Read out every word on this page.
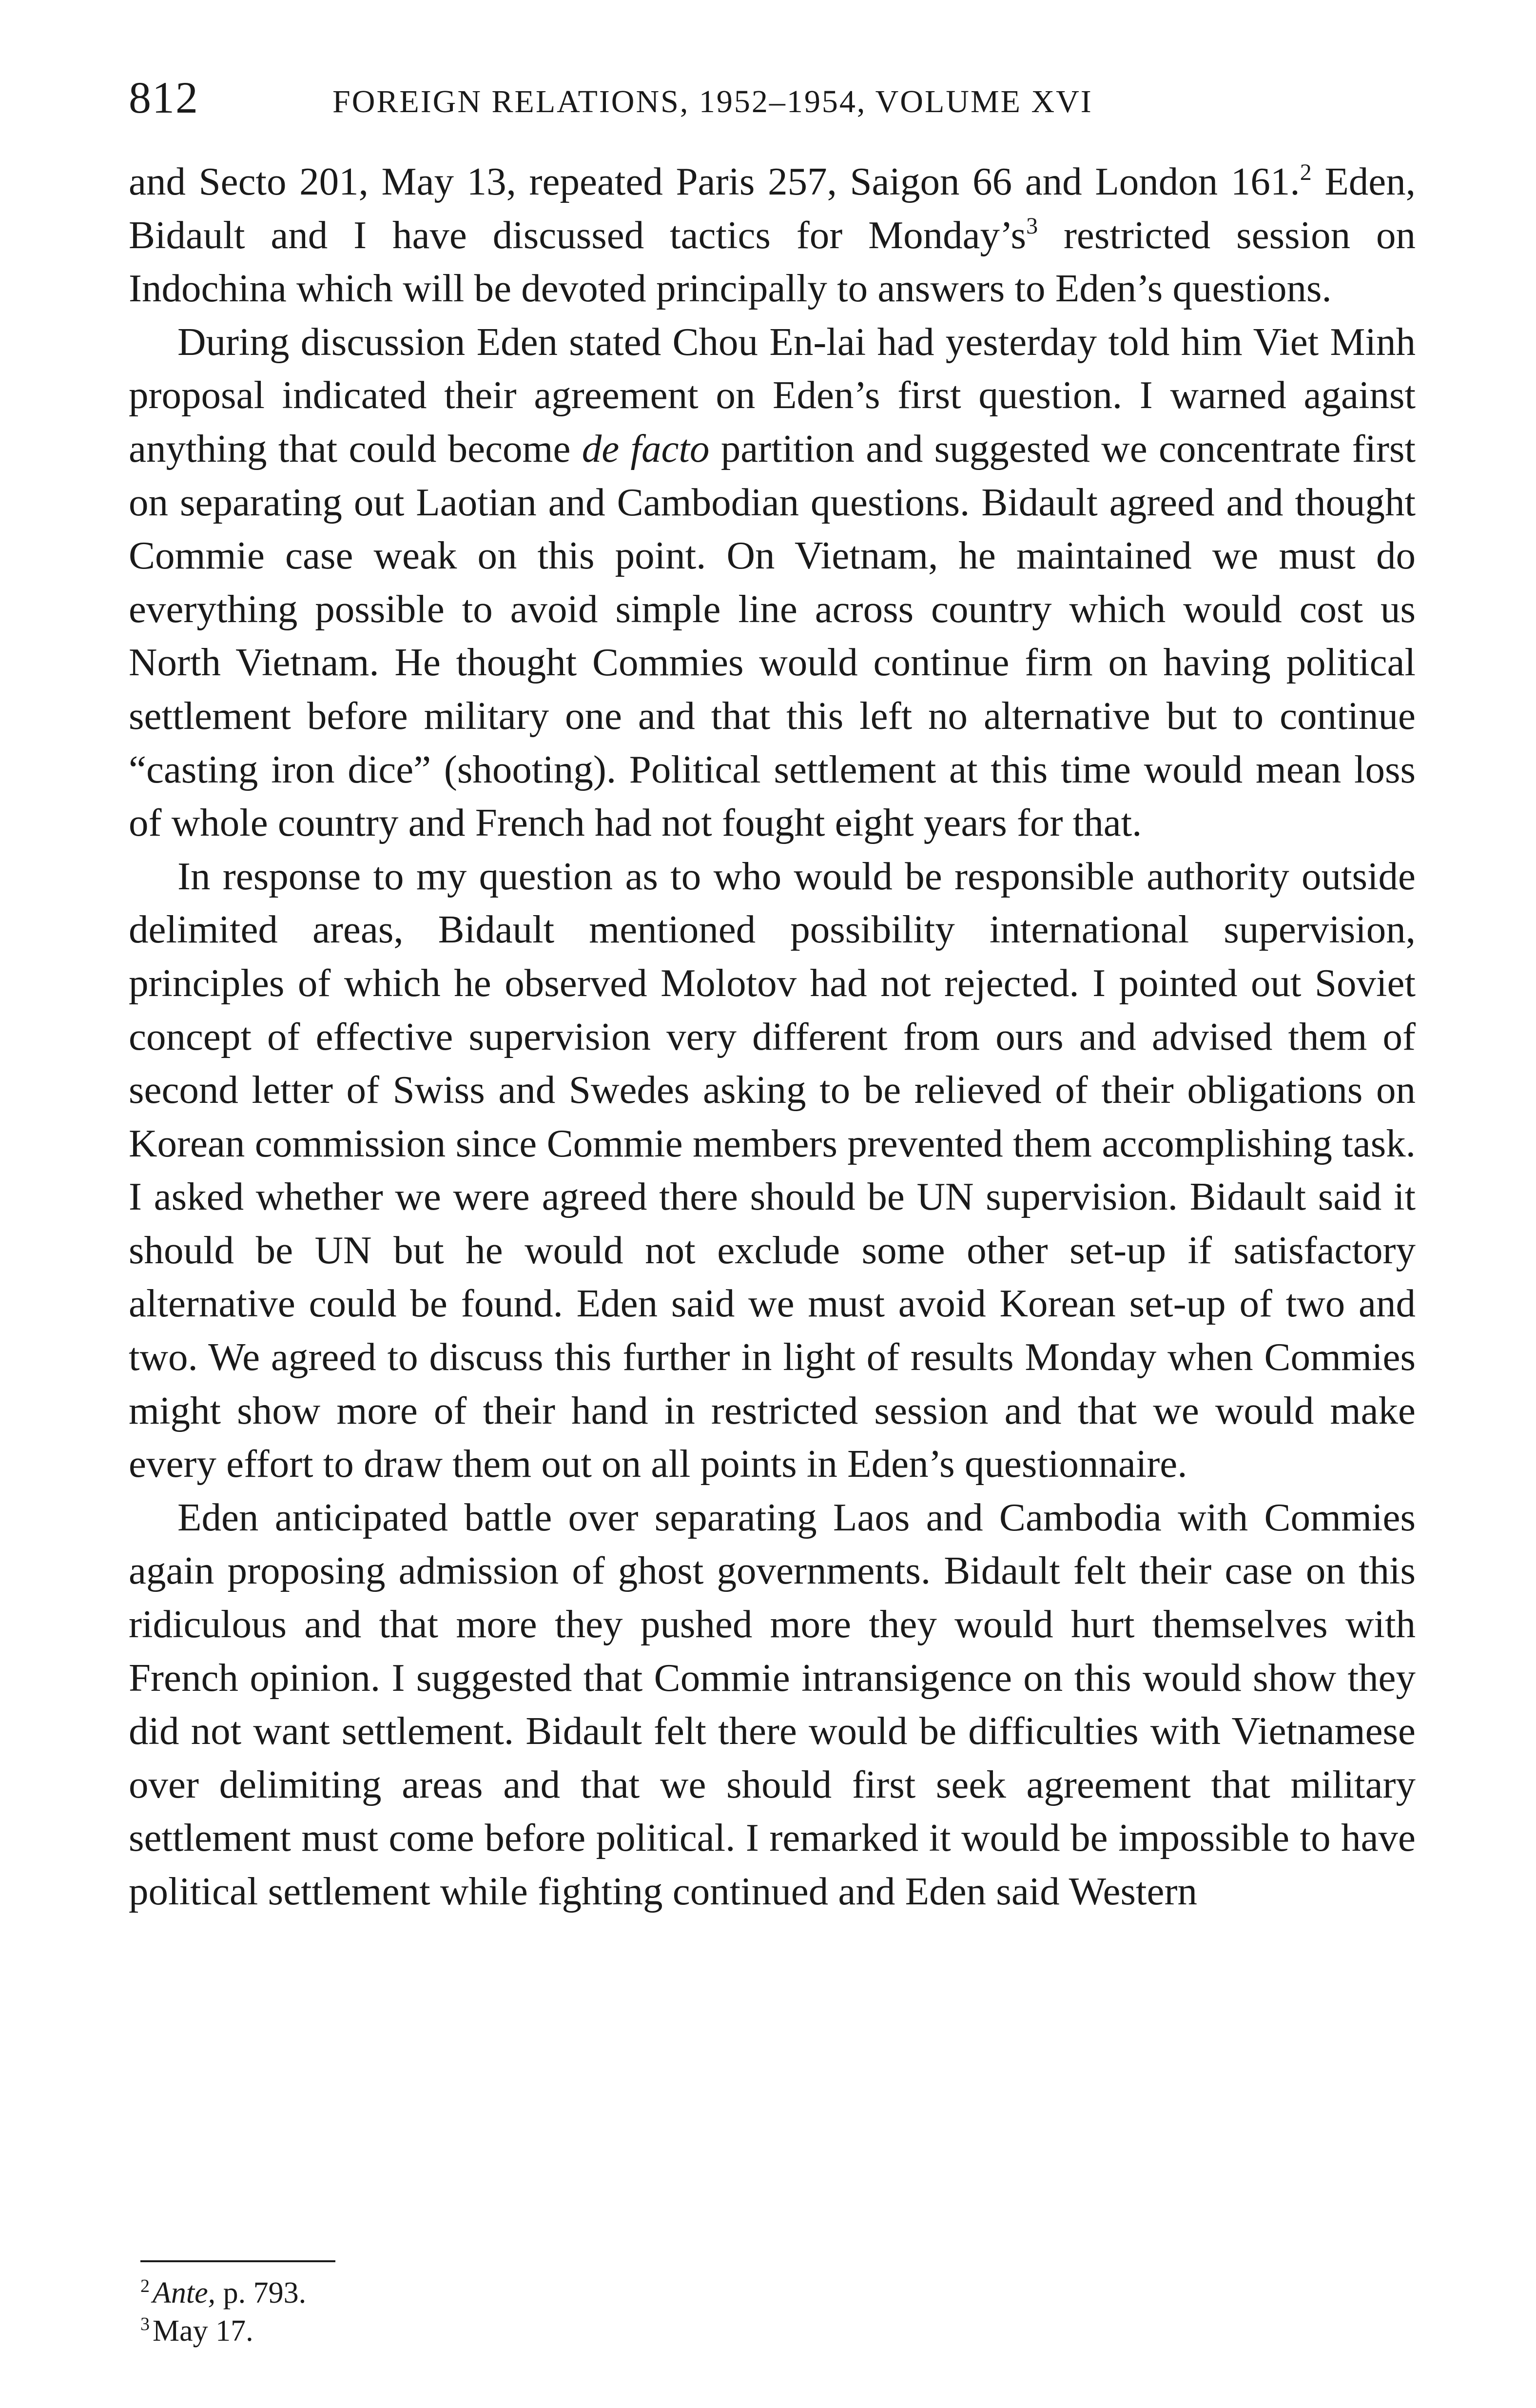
812	FOREIGN RELATIONS, 1952–1954, VOLUME XVI

and Secto 201, May 13, repeated Paris 257, Saigon 66 and London 161.$^2$ Eden, Bidault and I have discussed tactics for $Monday’s^3$ restricted session on Indochina which will be devoted principally to answers to Eden’s questions.

During discussion Eden stated Chou En-lai had yesterday told him Viet Minh proposal indicated their agreement on Eden’s first question. I warned against anything that could become de facto partition and suggested we concentrate first on separating out Laotian and Cambodian questions. Bidault agreed and thought Commie case weak on this point. On Vietnam, he maintained we must do everything possible to avoid simple line across country which would cost us North Vietnam. He thought Commies would continue firm on having political settlement before military one and that this left no alternative but to continue “casting iron dice” (shooting). Political settlement at this time would mean loss of whole country and French had not fought eight years for that.

In response to my question as to who would be responsible authority outside delimited areas, Bidault mentioned possibility international supervision, principles of which he observed Molotov had not rejected. I pointed out Soviet concept of effective supervision very different from ours and advised them of second letter of Swiss and Swedes asking to be relieved of their obligations on Korean commission since Commie members prevented them accomplishing task. I asked whether we were agreed there should be UN supervision. Bidault said it should be UN but he would not exclude some other set-up if satisfactory alternative could be found. Eden said we must avoid Korean set-up of two and two. We agreed to discuss this further in light of results Monday when Commies might show more of their hand in restricted session and that we would make every effort to draw them out on all points in Eden’s questionnaire.

Eden anticipated battle over separating Laos and Cambodia with Commies again proposing admission of ghost governments. Bidault felt their case on this ridiculous and that more they pushed more they would hurt themselves with French opinion. I suggested that Commie intransigence on this would show they did not want settlement. Bidault felt there would be difficulties with Vietnamese over delimiting areas and that we should first seek agreement that military settlement must come before political. I remarked it would be impossible to have political settlement while fighting continued and Eden said Western

$^2$Ante, p. 793.
$^3$May 17.
